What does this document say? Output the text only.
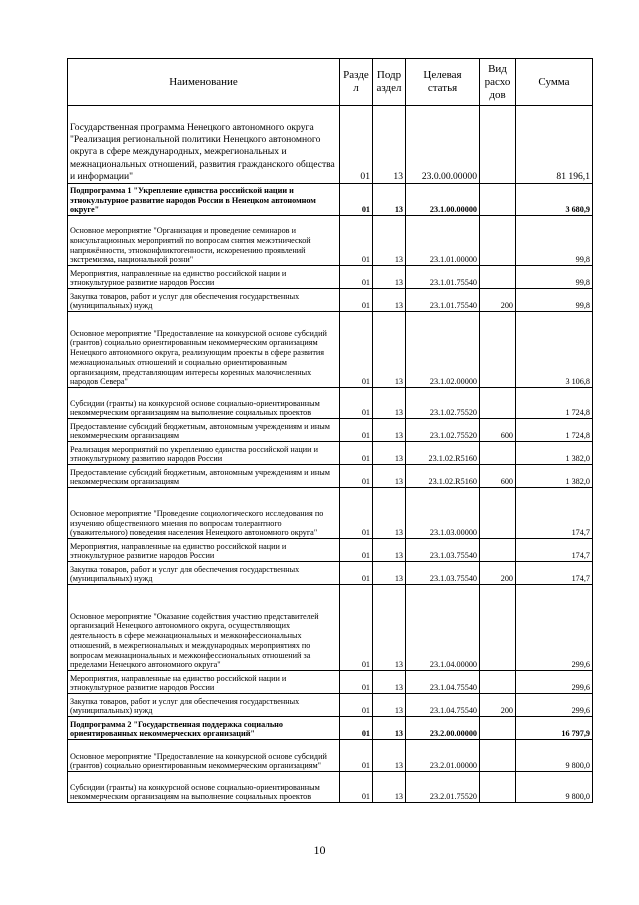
Наименование	Разде л	Подр аздел	Целевая статья	Вид расхо дов	Сумма
Государственная программа Ненецкого автономного округа "Реализация региональной политики Ненецкого автономного округа в сфере международных, межрегиональных и межнациональных отношений, развития гражданского общества и информации"	01	13	23.0.00.00000		81 196,1
Подпрограмма 1 "Укрепление единства российской нации и этнокультурное развитие народов России в Ненецком автономном округе"	01	13	23.1.00.00000		3 680,9
Основное мероприятие "Организация и проведение семинаров и консультационных мероприятий по вопросам снятия межэтнической напряжённости, этноконфликтогенности, искоренению проявлений экстремизма, национальной розни"	01	13	23.1.01.00000		99,8
Мероприятия, направленные на единство российской нации и этнокультурное развитие народов России	01	13	23.1.01.75540		99,8
Закупка товаров, работ и услуг для обеспечения государственных (муниципальных) нужд	01	13	23.1.01.75540	200	99,8
Основное мероприятие "Предоставление на конкурсной основе субсидий (грантов) социально ориентированным некоммерческим организациям Ненецкого автономного округа, реализующим проекты в сфере развития межнациональных отношений и социально ориентированным организациям, представляющим интересы коренных малочисленных народов Севера"	01	13	23.1.02.00000		3 106,8
Субсидии (гранты) на конкурсной основе социально-ориентированным некоммерческим организациям на выполнение социальных проектов	01	13	23.1.02.75520		1 724,8
Предоставление субсидий бюджетным, автономным учреждениям и иным некоммерческим организациям	01	13	23.1.02.75520	600	1 724,8
Реализация мероприятий по укреплению единства российской нации и этнокультурному развитию народов России	01	13	23.1.02.R5160		1 382,0
Предоставление субсидий бюджетным, автономным учреждениям и иным некоммерческим организациям	01	13	23.1.02.R5160	600	1 382,0
Основное мероприятие "Проведение социологического исследования по изучению общественного мнения по вопросам толерантного (уважительного) поведения населения Ненецкого автономного округа"	01	13	23.1.03.00000		174,7
Мероприятия, направленные на единство российской нации и этнокультурное развитие народов России	01	13	23.1.03.75540		174,7
Закупка товаров, работ и услуг для обеспечения государственных (муниципальных) нужд	01	13	23.1.03.75540	200	174,7
Основное мероприятие "Оказание содействия участию представителей организаций Ненецкого автономного округа, осуществляющих деятельность в сфере межнациональных и межконфессиональных отношений, в межрегиональных и международных мероприятиях по вопросам межнациональных и межконфессиональных отношений за пределами Ненецкого автономного округа"	01	13	23.1.04.00000		299,6
Мероприятия, направленные на единство российской нации и этнокультурное развитие народов России	01	13	23.1.04.75540		299,6
Закупка товаров, работ и услуг для обеспечения государственных (муниципальных) нужд	01	13	23.1.04.75540	200	299,6
Подпрограмма 2 "Государственная поддержка социально ориентированных некоммерческих организаций"	01	13	23.2.00.00000		16 797,9
Основное мероприятие "Предоставление на конкурсной основе субсидий (грантов) социально ориентированным некоммерческим организациям"	01	13	23.2.01.00000		9 800,0
Субсидии (гранты) на конкурсной основе социально-ориентированным некоммерческим организациям на выполнение социальных проектов	01	13	23.2.01.75520		9 800,0
10
